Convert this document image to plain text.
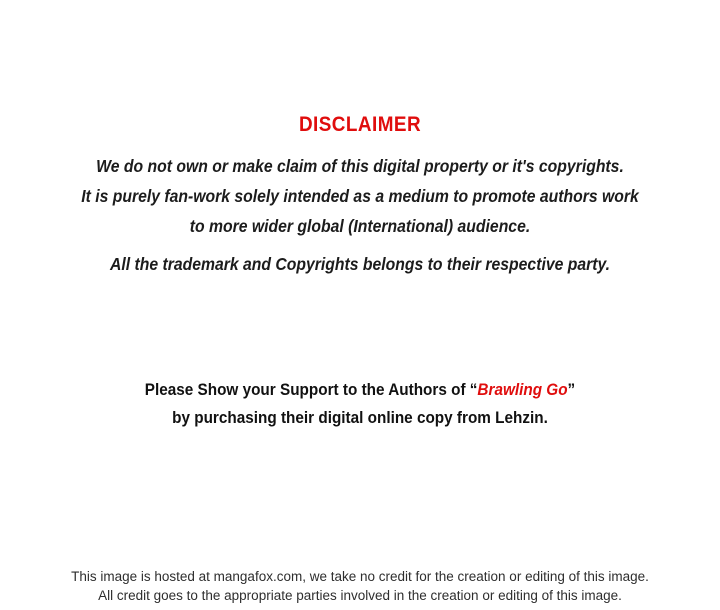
DISCLAIMER
We do not own or make claim of this digital property or it's copyrights.
It is purely fan-work solely intended as a medium to promote authors work
to more wider global (International) audience.
All the trademark and Copyrights belongs to their respective party.
Please Show your Support to the Authors of “Brawling Go”
by purchasing their digital online copy from Lehzin.
This image is hosted at mangafox.com, we take no credit for the creation or editing of this image.
All credit goes to the appropriate parties involved in the creation or editing of this image.
